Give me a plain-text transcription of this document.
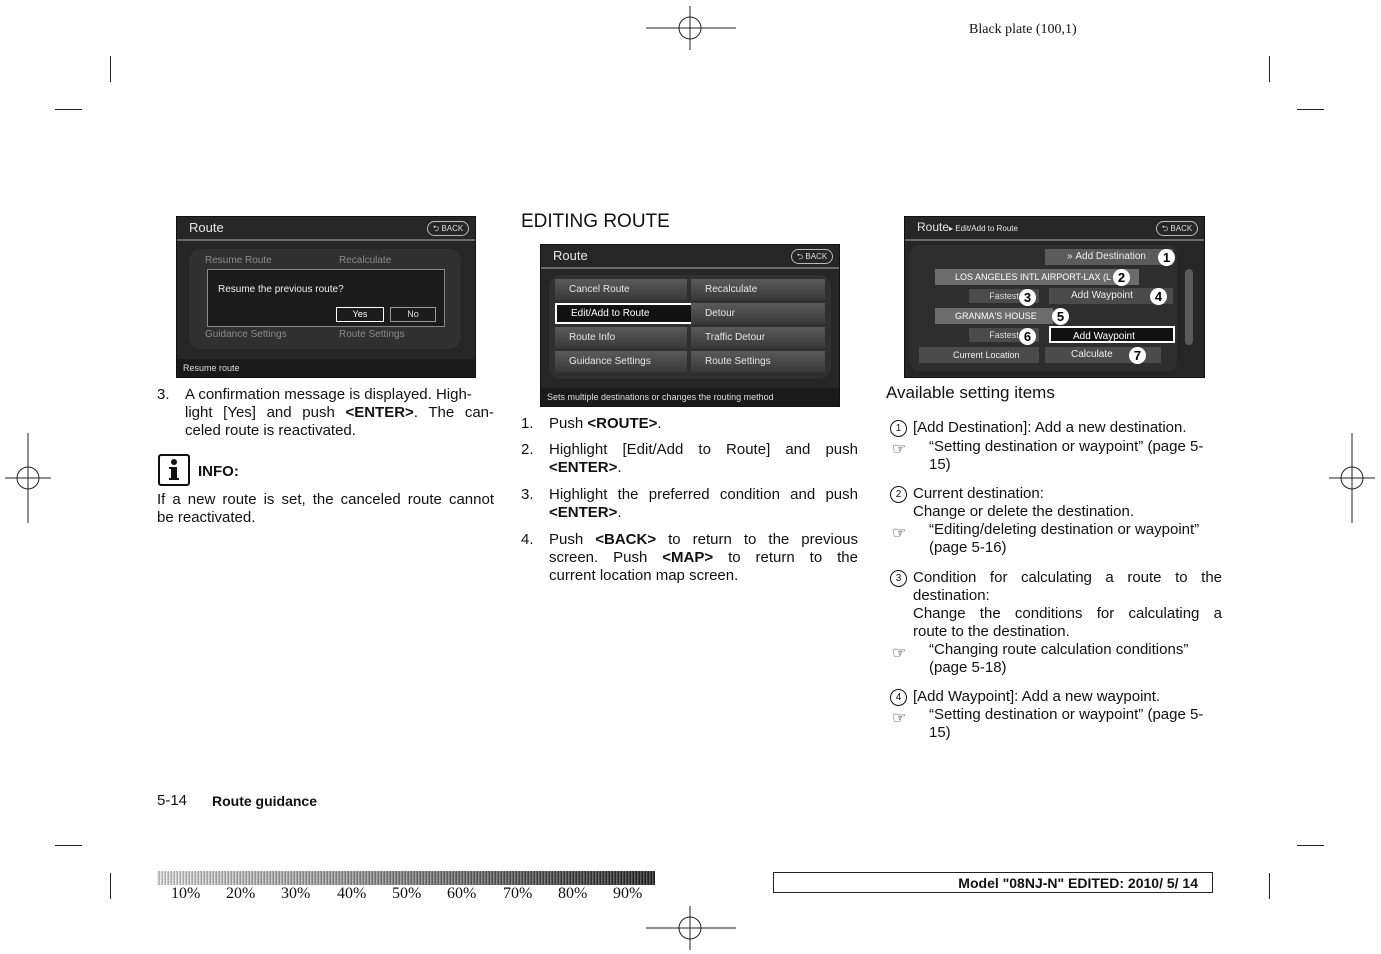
Black plate (100,1)
Route	⮌ BACK
Resume Route	Recalculate
Guidance Settings	Route Settings
Resume the previous route?
Yes	No
Resume route
3. A confirmation message is displayed. High-
light [Yes] and push <ENTER>. The can-
celed route is reactivated.
INFO:
If a new route is set, the canceled route cannot
be reactivated.
EDITING ROUTE
Route	⮌ BACK
Cancel Route	Recalculate
Edit/Add to Route	Detour
Route Info	Traffic Detour
Guidance Settings	Route Settings
Sets multiple destinations or changes the routing method
1. Push <ROUTE>.
2. Highlight [Edit/Add to Route] and push
<ENTER>.
3. Highlight the preferred condition and push
<ENTER>.
4. Push <BACK> to return to the previous
screen. Push <MAP> to return to the
current location map screen.
Route▸ Edit/Add to Route	⮌ BACK
» Add Destination
LOS ANGELES INTL AIRPORT-LAX (L
Fastest	Add Waypoint
GRANMA'S HOUSE
Fastest	Add Waypoint
Current Location	Calculate
1
2
3	4
5
6
7
Available setting items
1 [Add Destination]: Add a new destination.
☞ “Setting destination or waypoint” (page 5-
15)
2 Current destination:
Change or delete the destination.
☞ “Editing/deleting destination or waypoint”
(page 5-16)
3 Condition for calculating a route to the
destination:
Change the conditions for calculating a
route to the destination.
☞ “Changing route calculation conditions”
(page 5-18)
4 [Add Waypoint]: Add a new waypoint.
☞ “Setting destination or waypoint” (page 5-
15)
5-14 Route guidance
10% 20% 30% 40% 50% 60% 70% 80% 90%
Model "08NJ-N" EDITED: 2010/ 5/ 14
